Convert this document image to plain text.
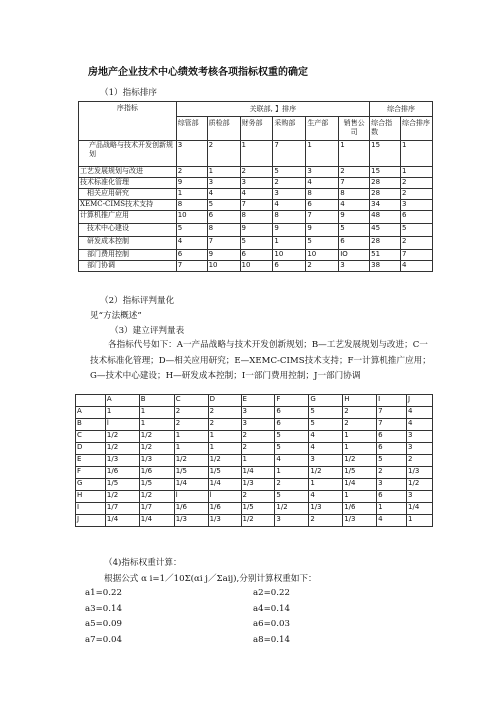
房地产企业技术中心绩效考核各项指标权重的确定
（1）指标排序
序指标	关联部, 】排序						综合排序	
	综管部	质检部	财务部	采购部	生产部	销售公司	综合指数	综合排序
产品战略与技术开发创新规划	3	2	1	7	1	1	15	1
工艺发展规划与改进	2	1	2	5	3	2	15	1
技术标准化管理	9	3	3	2	4	7	28	2
相关应用研究	1	4	4	3	8	8	28	2
XEMC-CIMS技术支持	8	5	7	4	6	4	34	3
计算机推广应用	10	6	8	8	7	9	48	6
技术中心建设	5	8	9	9	9	5	45	5
研发成本控制	4	7	5	1	5	6	28	2
部门费用控制	6	9	6	10	10	IO	51	7
部门协调	7	10	10	6	2	3	38	4
（2）指标评判量化
见“方法概述”
（3）建立评判量表
各指标代号如下：A一产品战略与技术开发创新规划；B—工艺发展规划与改进；C一技术标准化管理；D—相关应用研究；E—XEMC-CIMS技术支持；F一计算机推广应用；G—技术中心建设；H—研发成本控制；I一部门费用控制；J一部门协调
	A	B	C	D	E	F	G	H	I	J
A	1	1	2	2	3	6	5	2	7	4
B	l	1	2	2	3	6	5	2	7	4
C	1/2	1/2	1	1	2	5	4	1	6	3
D	1/2	1/2	1	1	2	5	4	1	6	3
E	1/3	1/3	1/2	1/2	1	4	3	1/2	5	2
F	1/6	1/6	1/5	1/5	1/4	1	1/2	1/5	2	1/3
G	1/5	1/5	1/4	1/4	1/3	2	1	1/4	3	1/2
H	1/2	1/2	l	l	2	5	4	1	6	3
I	1/7	1/7	1/6	1/6	1/5	1/2	1/3	1/6	1	1/4
J	1/4	1/4	1/3	1/3	1/2	3	2	1/3	4	1
（4)指标权重计算：
根据公式 α i=1／10Σ(αi j／Σaij),分别计算权重如下：
a1=0.22	a2=0.22
a3=0.14	a4=0.14
a5=0.09	a6=0.03
a7=0.04	a8=0.14
